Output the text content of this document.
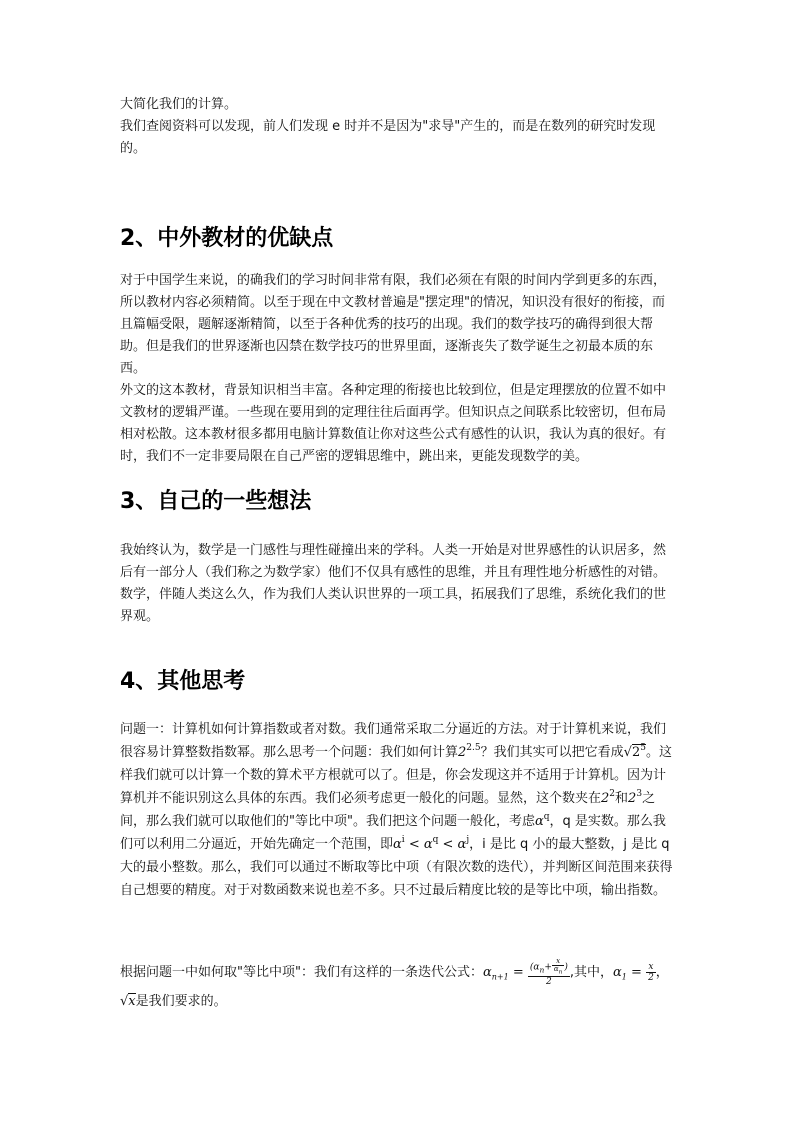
大简化我们的计算。

我们查阅资料可以发现，前人们发现 e 时并不是因为"求导"产生的，而是在数列的研究时发现的。

2、中外教材的优缺点

对于中国学生来说，的确我们的学习时间非常有限，我们必须在有限的时间内学到更多的东西，所以教材内容必须精简。以至于现在中文教材普遍是"摆定理"的情况，知识没有很好的衔接，而且篇幅受限，题解逐渐精简，以至于各种优秀的技巧的出现。我们的数学技巧的确得到很大帮助。但是我们的世界逐渐也囚禁在数学技巧的世界里面，逐渐丧失了数学诞生之初最本质的东西。

外文的这本教材，背景知识相当丰富。各种定理的衔接也比较到位，但是定理摆放的位置不如中文教材的逻辑严谨。一些现在要用到的定理往往后面再学。但知识点之间联系比较密切，但布局相对松散。这本教材很多都用电脑计算数值让你对这些公式有感性的认识，我认为真的很好。有时，我们不一定非要局限在自己严密的逻辑思维中，跳出来，更能发现数学的美。

3、自己的一些想法

我始终认为，数学是一门感性与理性碰撞出来的学科。人类一开始是对世界感性的认识居多，然后有一部分人（我们称之为数学家）他们不仅具有感性的思维，并且有理性地分析感性的对错。数学，伴随人类这么久，作为我们人类认识世界的一项工具，拓展我们了思维，系统化我们的世界观。

4、其他思考

问题一：计算机如何计算指数或者对数。我们通常采取二分逼近的方法。对于计算机来说，我们很容易计算整数指数幂。那么思考一个问题：我们如何计算$2^{2.5}$？我们其实可以把它看成$√2^5$。这样我们就可以计算一个数的算术平方根就可以了。但是，你会发现这并不适用于计算机。因为计算机并不能识别这么具体的东西。我们必须考虑更一般化的问题。显然，这个数夹在$2^2$和$2^3$之间，那么我们就可以取他们的"等比中项"。我们把这个问题一般化，考虑$\alpha^q$，q 是实数。那么我们可以利用二分逼近，开始先确定一个范围，即$\alpha^i < \alpha^q < \alpha^j$，i 是比 q 小的最大整数，j 是比 q 大的最小整数。那么，我们可以通过不断取等比中项（有限次数的迭代），并判断区间范围来获得自己想要的精度。对于对数函数来说也差不多。只不过最后精度比较的是等比中项，输出指数。

根据问题一中如何取"等比中项"：我们有这样的一条迭代公式：$\alpha_{n+1} = \frac{(\alpha_n+ \frac{x}{\alpha_n} )}{2}$ ,其中，$\alpha_1 = \frac{x}{2}$ ，
√x是我们要求的。
